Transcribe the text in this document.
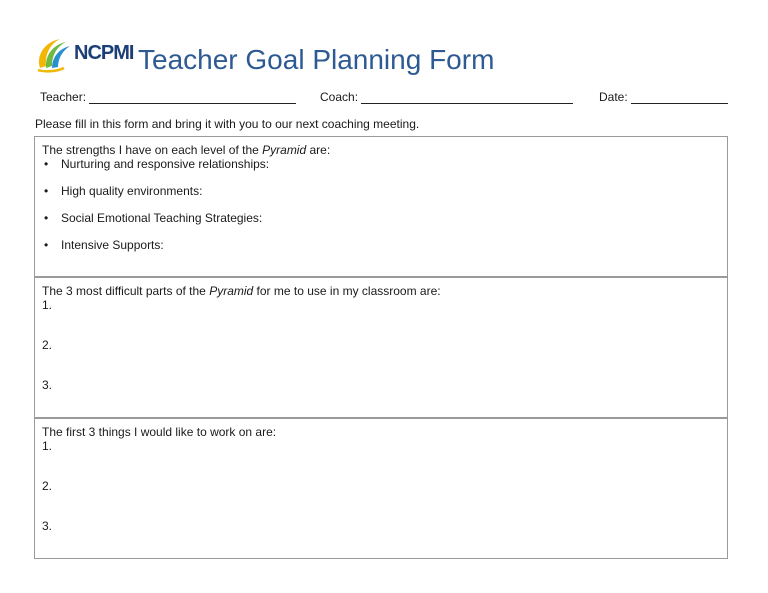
NCPMI Teacher Goal Planning Form
Teacher:	Coach:	Date:
Please fill in this form and bring it with you to our next coaching meeting.
The strengths I have on each level of the Pyramid are:
• Nurturing and responsive relationships:
• High quality environments:
• Social Emotional Teaching Strategies:
• Intensive Supports:
The 3 most difficult parts of the Pyramid for me to use in my classroom are:
1.
2.
3.
The first 3 things I would like to work on are:
1.
2.
3.
